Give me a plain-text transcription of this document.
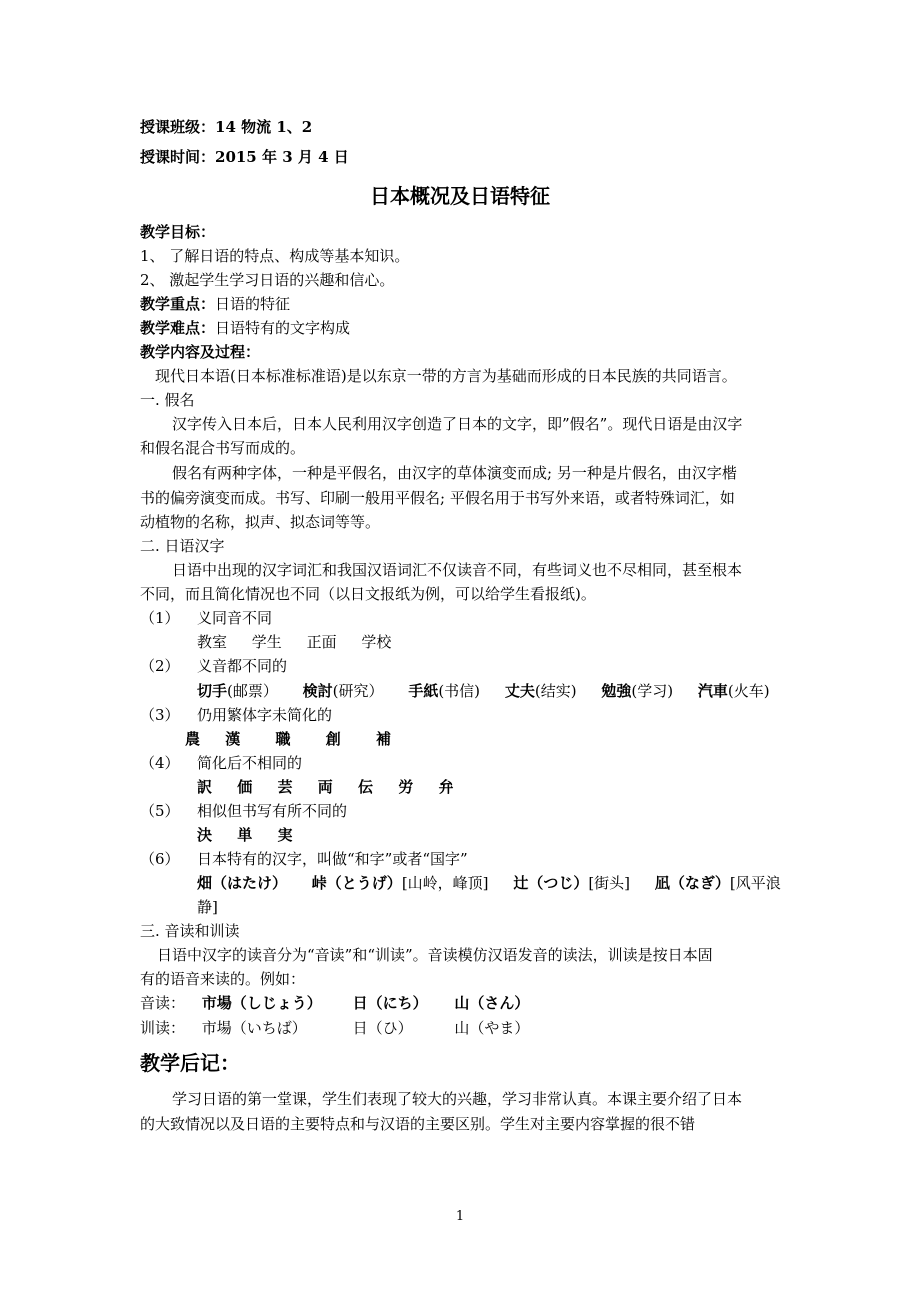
授课班级：14 物流 1、2
授课时间：2015 年 3 月 4 日
日本概况及日语特征
教学目标：
1、 了解日语的特点、构成等基本知识。
2、 激起学生学习日语的兴趣和信心。
教学重点：日语的特征
教学难点：日语特有的文字构成
教学内容及过程：
现代日本语(日本标准标准语)是以东京一带的方言为基础而形成的日本民族的共同语言。
一. 假名
汉字传入日本后，日本人民利用汉字创造了日本的文字，即”假名”。现代日语是由汉字
和假名混合书写而成的。
假名有两种字体，一种是平假名，由汉字的草体演变而成; 另一种是片假名，由汉字楷
书的偏旁演变而成。书写、印刷一般用平假名; 平假名用于书写外来语，或者特殊词汇，如
动植物的名称，拟声、拟态词等等。
二. 日语汉字
日语中出现的汉字词汇和我国汉语词汇不仅读音不同，有些词义也不尽相同，甚至根本
不同，而且简化情况也不同（以日文报纸为例，可以给学生看报纸)。
（1） 义同音不同
教室 学生 正面 学校
（2） 义音都不同的
切手(邮票） 検討(研究） 手紙(书信) 丈夫(结实) 勉強(学习) 汽車(火车)
（3） 仍用繁体字未简化的
農 漢 職 創 補
（4） 简化后不相同的
訳 価 芸 両 伝 労 弁
（5） 相似但书写有所不同的
決 単 実
（6） 日本特有的汉字，叫做“和字”或者“国字”
畑（はたけ） 峠（とうげ）[山岭，峰顶] 辻（つじ）[街头] 凪（なぎ）[风平浪
静]
三. 音读和训读
日语中汉字的读音分为“音读”和“训读”。音读模仿汉语发音的读法，训读是按日本固
有的语音来读的。例如：
音读： 市場（しじょう） 日（にち） 山（さん）
训读： 市場（いちば）	日（ひ）	山（やま）
教学后记：
学习日语的第一堂课，学生们表现了较大的兴趣，学习非常认真。本课主要介绍了日本
的大致情况以及日语的主要特点和与汉语的主要区别。学生对主要内容掌握的很不错
1
